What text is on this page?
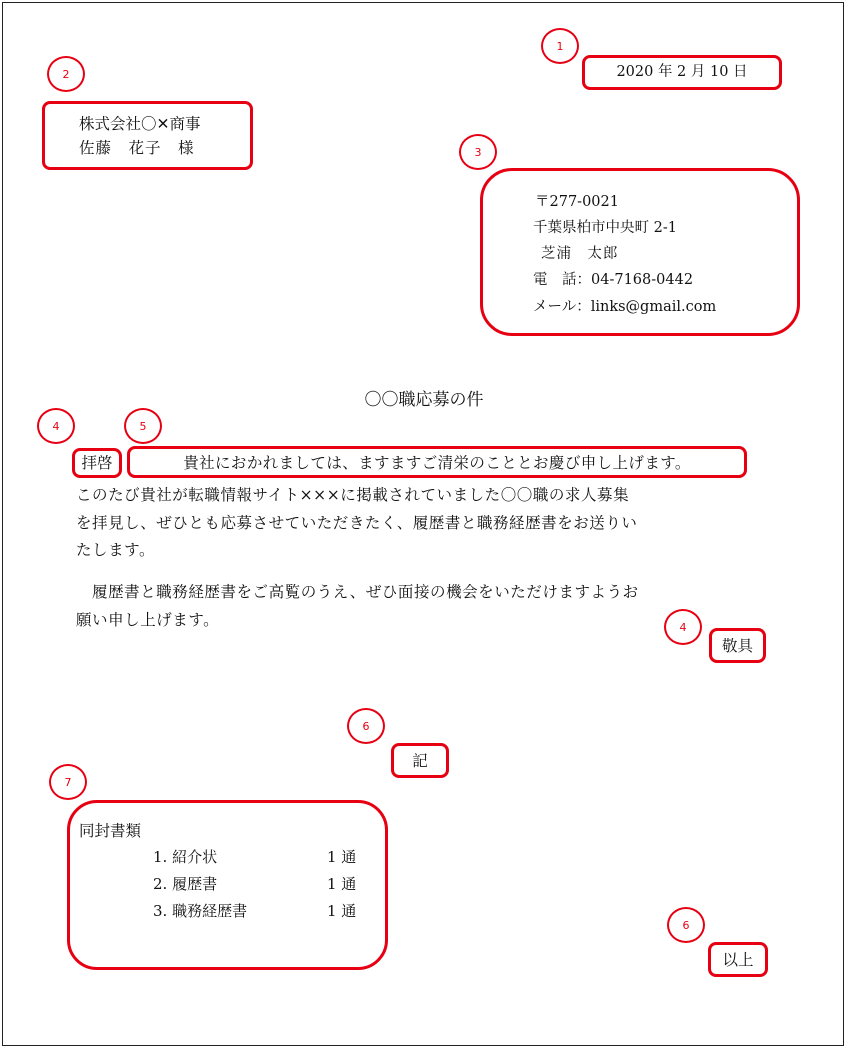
1
2
3
4	5
4
6
7
6
2020 年 2 月 10 日
株式会社〇✕商事
佐藤　花子　様
〒277-0021
千葉県柏市中央町 2-1
芝浦　太郎
電　話：04-7168-0442
メール：links@gmail.com
〇〇職応募の件
拝啓	貴社におかれましては、ますますご清栄のこととお慶び申し上げます。
このたび貴社が転職情報サイト×××に掲載されていました〇〇職の求人募集
を拝見し、ぜひとも応募させていただきたく、履歴書と職務経歴書をお送りい
たします。
　履歴書と職務経歴書をご高覧のうえ、ぜひ面接の機会をいただけますようお
願い申し上げます。
敬具
記
同封書類
1. 紹介状	1 通
2. 履歴書	1 通
3. 職務経歴書	1 通
以上
